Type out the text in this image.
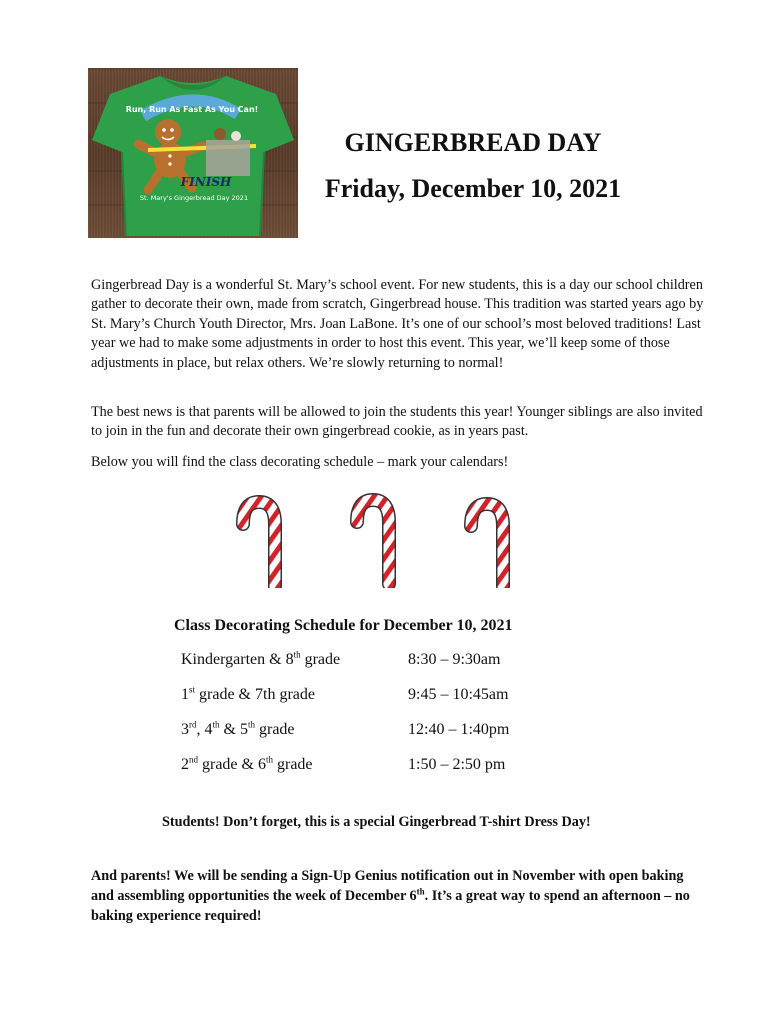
Run, Run As Fast As You Can!
FINISH
St. Mary's Gingerbread Day 2021
GINGERBREAD DAY
Friday, December 10, 2021

Gingerbread Day is a wonderful St. Mary’s school event. For new students, this is a day our school children gather to decorate their own, made from scratch, Gingerbread house. This tradition was started years ago by St. Mary’s Church Youth Director, Mrs. Joan LaBone. It’s one of our school’s most beloved traditions! Last year we had to make some adjustments in order to host this event. This year, we’ll keep some of those adjustments in place, but relax others. We’re slowly returning to normal!

The best news is that parents will be allowed to join the students this year! Younger siblings are also invited to join in the fun and decorate their own gingerbread cookie, as in years past.

Below you will find the class decorating schedule – mark your calendars!

Class Decorating Schedule for December 10, 2021
Kindergarten & 8th grade	8:30 – 9:30am
1st grade & 7th grade	9:45 – 10:45am
3rd, 4th & 5th grade	12:40 – 1:40pm
2nd grade & 6th grade	1:50 – 2:50 pm
Students! Don’t forget, this is a special Gingerbread T-shirt Dress Day!

And parents! We will be sending a Sign-Up Genius notification out in November with open baking and assembling opportunities the week of December 6th. It’s a great way to spend an afternoon – no baking experience required!
